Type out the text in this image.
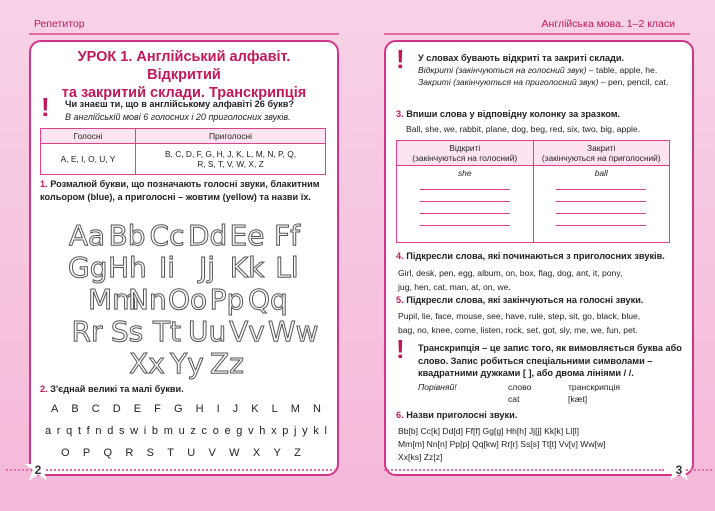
Репетитор	Англійська мова. 1–2 класи
УРОК 1. Англійський алфавіт. Відкритий
та закритий склади. Транскрипція
! Чи знаєш ти, що в англійському алфавіті 26 букв?
В англійській мові 6 голосних і 20 приголосних звуків.
Голосні	Приголосні
A, E, I, O, U, Y	B, C, D, F, G, H, J, K, L, M, N, P, Q,
R, S, T, V, W, X, Z
1. Розмалюй букви, що позначають голосні звуки, блакитним кольором (blue), а приголосні – жовтим (yellow) та назви їх.
Aa Bb Cc Dd Ee Ff
Gg Hh Ii Jj Kk Ll
Mm
Nn Oo Pp Qq
Rr Ss Tt Uu Vv Ww
Xx Yy Zz
2. З'єднай великі та малі букви.
A B C D E F G H I J K L M N
a r q t f n d s w i b m u z c o e g v h x p j y k l
O P Q R S T U V W X Y Z
! У словах бувають відкриті та закриті склади.
Відкриті (закінчуються на голосний звук) – table, apple, he.
Закриті (закінчуються на приголосний звук) – pen, pencil, cat.
3. Впиши слова у відповідну колонку за зразком.
Ball, she, we, rabbit, plane, dog, beg, red, six, two, big, apple.
Відкриті
(закінчуються на голосний)	Закриті
(закінчуються на приголосний)
she	ball
4. Підкресли слова, які починаються з приголосних звуків.
Girl, desk, pen, egg, album, on, box, flag, dog, ant, it, pony,
jug, hen, cat, man, at, on, we.
5. Підкресли слова, які закінчуються на голосні звуки.
Pupil, lie, face, mouse, see, have, rule, step, sit, go, black, blue,
bag, no, knee, come, listen, rock, set, got, sly, me, we, fun, pet.
! Транскрипція – це запис того, як вимовляється буква або слово. Запис робиться спеціальними символами – квадратними дужками [ ], або двома лініями / /.
Порівняй!	слово	транскрипція
cat	[kæt]
6. Назви приголосні звуки.
Bb[b] Cc[k] Dd[d] Ff[f] Gg[g] Hh[h] Jj[j] Kk[k] Ll[l]
Mm[m] Nn[n] Pp[p] Qq[kw] Rr[r] Ss[s] Tt[t] Vv[v] Ww[w]
Xx[ks] Zz[z]
2	3
